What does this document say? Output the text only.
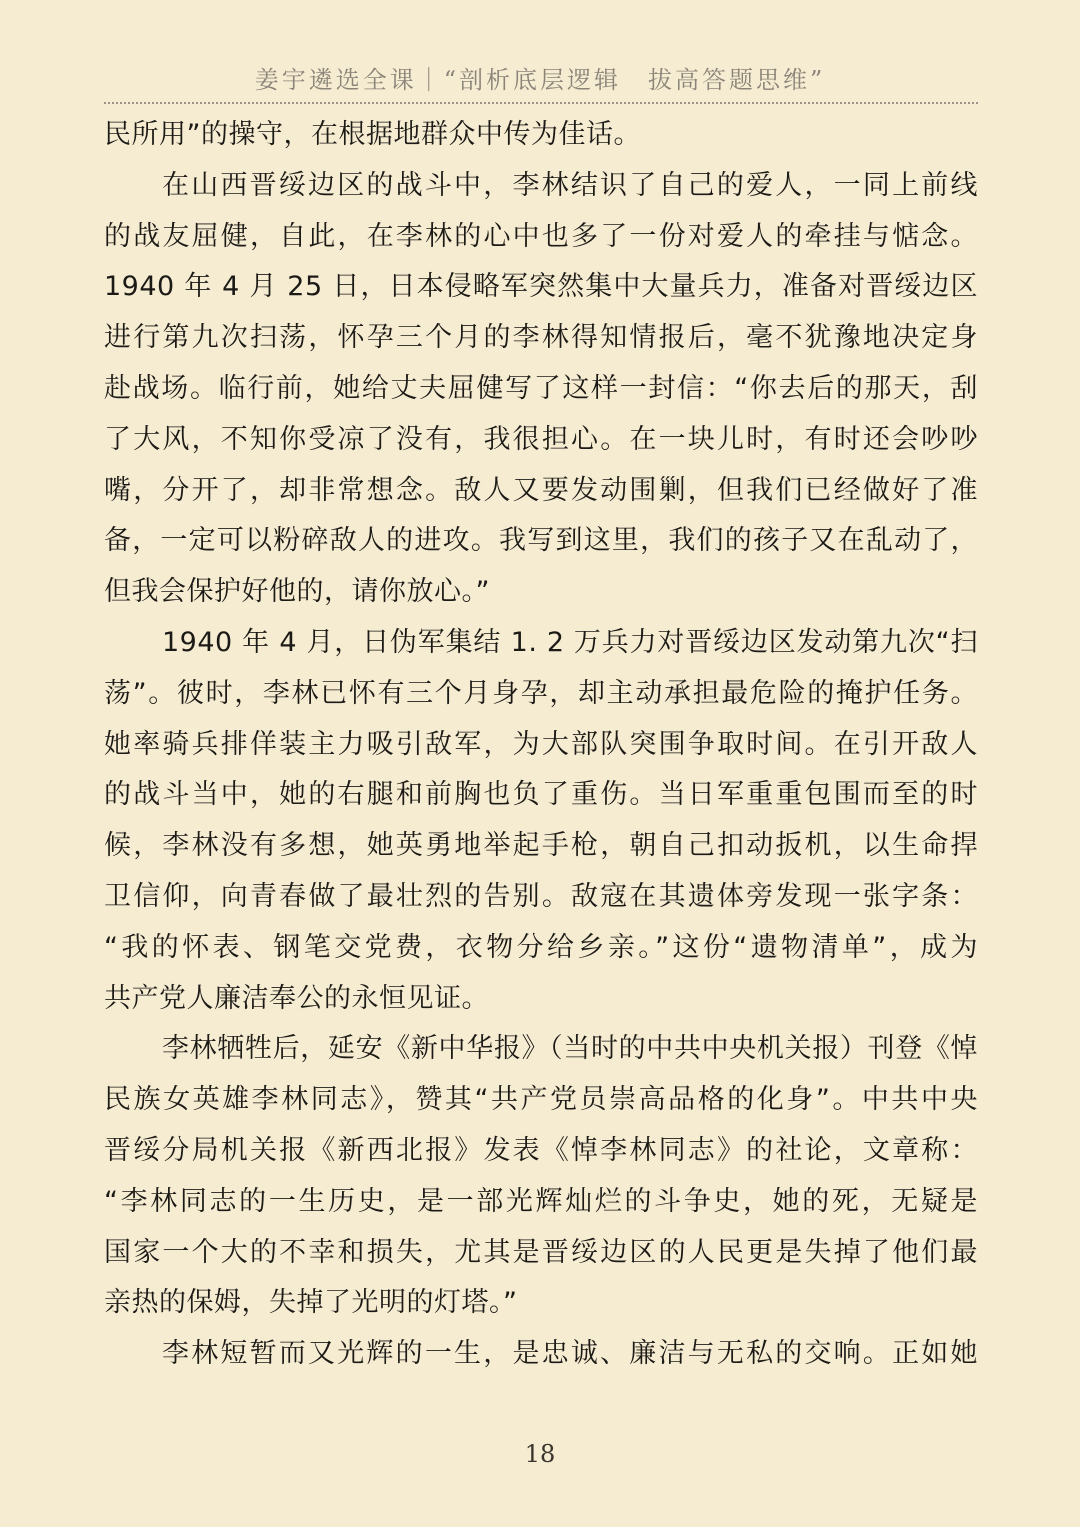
姜宇遴选全课｜“剖析底层逻辑　拔高答题思维”
民所用”的操守，在根据地群众中传为佳话。
在山西晋绥边区的战斗中，李林结识了自己的爱人，一同上前线
的战友屈健，自此，在李林的心中也多了一份对爱人的牵挂与惦念。
1940 年 4 月 25 日，日本侵略军突然集中大量兵力，准备对晋绥边区
进行第九次扫荡，怀孕三个月的李林得知情报后，毫不犹豫地决定身
赴战场。临行前，她给丈夫屈健写了这样一封信：“你去后的那天，刮
了大风，不知你受凉了没有，我很担心。在一块儿时，有时还会吵吵
嘴，分开了，却非常想念。敌人又要发动围剿，但我们已经做好了准
备，一定可以粉碎敌人的进攻。我写到这里，我们的孩子又在乱动了，
但我会保护好他的，请你放心。”
1940 年 4 月，日伪军集结 1. 2 万兵力对晋绥边区发动第九次“扫
荡”。彼时，李林已怀有三个月身孕，却主动承担最危险的掩护任务。
她率骑兵排佯装主力吸引敌军，为大部队突围争取时间。在引开敌人
的战斗当中，她的右腿和前胸也负了重伤。当日军重重包围而至的时
候，李林没有多想，她英勇地举起手枪，朝自己扣动扳机，以生命捍
卫信仰，向青春做了最壮烈的告别。敌寇在其遗体旁发现一张字条：
“我的怀表、钢笔交党费，衣物分给乡亲。”这份“遗物清单”，成为
共产党人廉洁奉公的永恒见证。
李林牺牲后，延安《新中华报》（当时的中共中央机关报）刊登《悼
民族女英雄李林同志》，赞其“共产党员崇高品格的化身”。中共中央
晋绥分局机关报《新西北报》发表《悼李林同志》的社论，文章称：
“李林同志的一生历史，是一部光辉灿烂的斗争史，她的死，无疑是
国家一个大的不幸和损失，尤其是晋绥边区的人民更是失掉了他们最
亲热的保姆，失掉了光明的灯塔。”
李林短暂而又光辉的一生，是忠诚、廉洁与无私的交响。正如她
18
